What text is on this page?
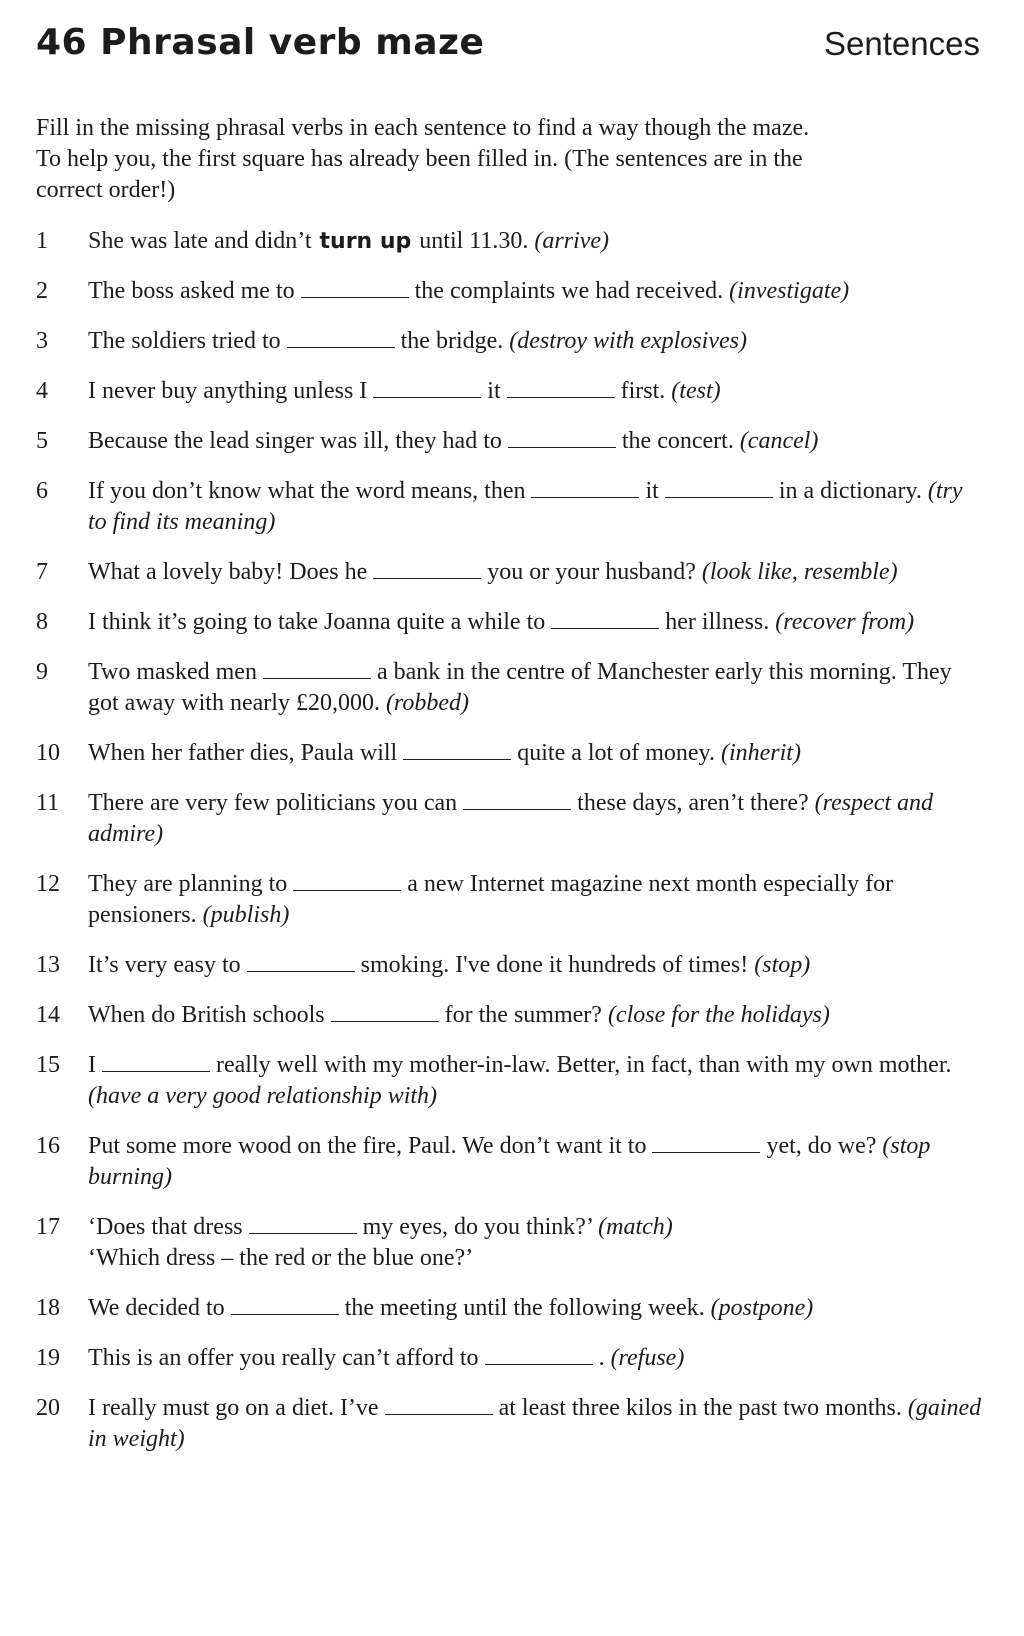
46 Phrasal verb maze	Sentences

Fill in the missing phrasal verbs in each sentence to find a way though the maze.

To help you, the first square has already been filled in. (The sentences are in the

correct order!)

1	She was late and didn’t turn up until 11.30. (arrive)
2	The boss asked me to	the complaints we had received. (investigate)
3	The soldiers tried to	the bridge. (destroy with explosives)
4	I never buy anything unless I	it	first. (test)
5	Because the lead singer was ill, they had to	the concert. (cancel)
6	If you don’t know what the word means, then	it	in a dictionary. (try to find its meaning)
7	What a lovely baby! Does he	you or your husband? (look like, resemble)
8	I think it’s going to take Joanna quite a while to	her illness. (recover from)
9	Two masked men	a bank in the centre of Manchester early this morning. They got away with nearly £20,000. (robbed)
10	When her father dies, Paula will	quite a lot of money. (inherit)
11	There are very few politicians you can	these days, aren’t there? (respect and admire)
12	They are planning to	a new Internet magazine next month especially for pensioners. (publish)
13	It’s very easy to	smoking. I've done it hundreds of times! (stop)
14	When do British schools	for the summer? (close for the holidays)
15	I	really well with my mother-in-law. Better, in fact, than with my own mother. (have a very good relationship with)
16	Put some more wood on the fire, Paul. We don’t want it to	yet, do we? (stop burning)
17	‘Does that dress	my eyes, do you think?’ (match)
‘Which dress – the red or the blue one?’
18	We decided to	the meeting until the following week. (postpone)
19	This is an offer you really can’t afford to	. (refuse)
20	I really must go on a diet. I’ve	at least three kilos in the past two months. (gained in weight)
